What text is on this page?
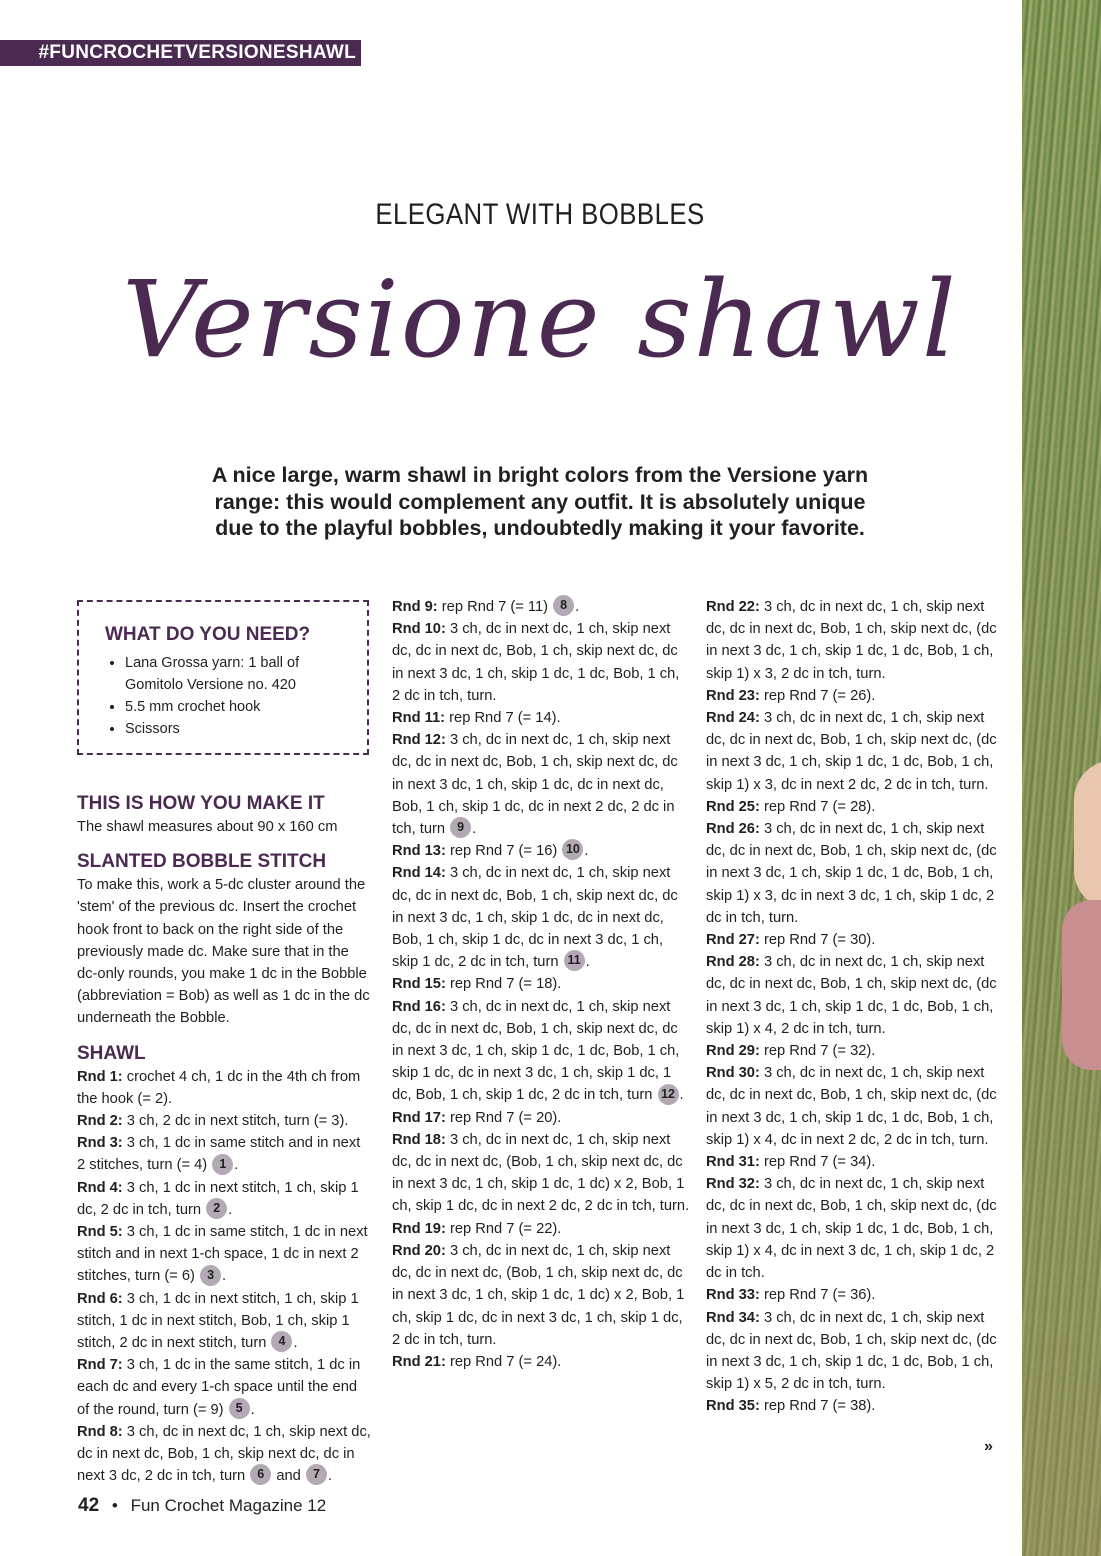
#FUNCROCHETVERSIONESHAWL
ELEGANT WITH BOBBLES
Versione shawl
A nice large, warm shawl in bright colors from the Versione yarn range: this would complement any outfit. It is absolutely unique due to the playful bobbles, undoubtedly making it your favorite.
WHAT DO YOU NEED?
• Lana Grossa yarn: 1 ball of Gomitolo Versione no. 420
• 5.5 mm crochet hook
• Scissors
THIS IS HOW YOU MAKE IT

The shawl measures about 90 x 160 cm

SLANTED BOBBLE STITCH

To make this, work a 5-dc cluster around the 'stem' of the previous dc. Insert the crochet hook front to back on the right side of the previously made dc. Make sure that in the dc-only rounds, you make 1 dc in the Bobble (abbreviation = Bob) as well as 1 dc in the dc underneath the Bobble.

SHAWL

Rnd 1: crochet 4 ch, 1 dc in the 4th ch from the hook (= 2).

Rnd 2: 3 ch, 2 dc in next stitch, turn (= 3).

Rnd 3: 3 ch, 1 dc in same stitch and in next 2 stitches, turn (= 4) 1 .

Rnd 4: 3 ch, 1 dc in next stitch, 1 ch, skip 1 dc, 2 dc in tch, turn 2 .

Rnd 5: 3 ch, 1 dc in same stitch, 1 dc in next stitch and in next 1-ch space, 1 dc in next 2 stitches, turn (= 6) 3 .

Rnd 6: 3 ch, 1 dc in next stitch, 1 ch, skip 1 stitch, 1 dc in next stitch, Bob, 1 ch, skip 1 stitch, 2 dc in next stitch, turn 4 .

Rnd 7: 3 ch, 1 dc in the same stitch, 1 dc in each dc and every 1-ch space until the end of the round, turn (= 9) 5 .

Rnd 8: 3 ch, dc in next dc, 1 ch, skip next dc, dc in next dc, Bob, 1 ch, skip next dc, dc in next 3 dc, 2 dc in tch, turn 6 and 7 .

Rnd 9: rep Rnd 7 (= 11) 8 .

Rnd 10: 3 ch, dc in next dc, 1 ch, skip next dc, dc in next dc, Bob, 1 ch, skip next dc, dc in next 3 dc, 1 ch, skip 1 dc, 1 dc, Bob, 1 ch, 2 dc in tch, turn.

Rnd 11: rep Rnd 7 (= 14).

Rnd 12: 3 ch, dc in next dc, 1 ch, skip next dc, dc in next dc, Bob, 1 ch, skip next dc, dc in next 3 dc, 1 ch, skip 1 dc, dc in next dc, Bob, 1 ch, skip 1 dc, dc in next 2 dc, 2 dc in tch, turn 9 .

Rnd 13: rep Rnd 7 (= 16) 10 .

Rnd 14: 3 ch, dc in next dc, 1 ch, skip next dc, dc in next dc, Bob, 1 ch, skip next dc, dc in next 3 dc, 1 ch, skip 1 dc, dc in next dc, Bob, 1 ch, skip 1 dc, dc in next 3 dc, 1 ch, skip 1 dc, 2 dc in tch, turn 11 .

Rnd 15: rep Rnd 7 (= 18).

Rnd 16: 3 ch, dc in next dc, 1 ch, skip next dc, dc in next dc, Bob, 1 ch, skip next dc, dc in next 3 dc, 1 ch, skip 1 dc, 1 dc, Bob, 1 ch, skip 1 dc, dc in next 3 dc, 1 ch, skip 1 dc, 1 dc, Bob, 1 ch, skip 1 dc, 2 dc in tch, turn 12 .

Rnd 17: rep Rnd 7 (= 20).

Rnd 18: 3 ch, dc in next dc, 1 ch, skip next dc, dc in next dc, (Bob, 1 ch, skip next dc, dc in next 3 dc, 1 ch, skip 1 dc, 1 dc) x 2, Bob, 1 ch, skip 1 dc, dc in next 2 dc, 2 dc in tch, turn.

Rnd 19: rep Rnd 7 (= 22).

Rnd 20: 3 ch, dc in next dc, 1 ch, skip next dc, dc in next dc, (Bob, 1 ch, skip next dc, dc in next 3 dc, 1 ch, skip 1 dc, 1 dc) x 2, Bob, 1 ch, skip 1 dc, dc in next 3 dc, 1 ch, skip 1 dc, 2 dc in tch, turn.

Rnd 21: rep Rnd 7 (= 24).

Rnd 22: 3 ch, dc in next dc, 1 ch, skip next dc, dc in next dc, Bob, 1 ch, skip next dc, (dc in next 3 dc, 1 ch, skip 1 dc, 1 dc, Bob, 1 ch, skip 1) x 3, 2 dc in tch, turn.

Rnd 23: rep Rnd 7 (= 26).

Rnd 24: 3 ch, dc in next dc, 1 ch, skip next dc, dc in next dc, Bob, 1 ch, skip next dc, (dc in next 3 dc, 1 ch, skip 1 dc, 1 dc, Bob, 1 ch, skip 1) x 3, dc in next 2 dc, 2 dc in tch, turn.

Rnd 25: rep Rnd 7 (= 28).

Rnd 26: 3 ch, dc in next dc, 1 ch, skip next dc, dc in next dc, Bob, 1 ch, skip next dc, (dc in next 3 dc, 1 ch, skip 1 dc, 1 dc, Bob, 1 ch, skip 1) x 3, dc in next 3 dc, 1 ch, skip 1 dc, 2 dc in tch, turn.

Rnd 27: rep Rnd 7 (= 30).

Rnd 28: 3 ch, dc in next dc, 1 ch, skip next dc, dc in next dc, Bob, 1 ch, skip next dc, (dc in next 3 dc, 1 ch, skip 1 dc, 1 dc, Bob, 1 ch, skip 1) x 4, 2 dc in tch, turn.

Rnd 29: rep Rnd 7 (= 32).

Rnd 30: 3 ch, dc in next dc, 1 ch, skip next dc, dc in next dc, Bob, 1 ch, skip next dc, (dc in next 3 dc, 1 ch, skip 1 dc, 1 dc, Bob, 1 ch, skip 1) x 4, dc in next 2 dc, 2 dc in tch, turn.

Rnd 31: rep Rnd 7 (= 34).

Rnd 32: 3 ch, dc in next dc, 1 ch, skip next dc, dc in next dc, Bob, 1 ch, skip next dc, (dc in next 3 dc, 1 ch, skip 1 dc, 1 dc, Bob, 1 ch, skip 1) x 4, dc in next 3 dc, 1 ch, skip 1 dc, 2 dc in tch.

Rnd 33: rep Rnd 7 (= 36).

Rnd 34: 3 ch, dc in next dc, 1 ch, skip next dc, dc in next dc, Bob, 1 ch, skip next dc, (dc in next 3 dc, 1 ch, skip 1 dc, 1 dc, Bob, 1 ch, skip 1) x 5, 2 dc in tch, turn.

Rnd 35: rep Rnd 7 (= 38).

»
42 • Fun Crochet Magazine 12
